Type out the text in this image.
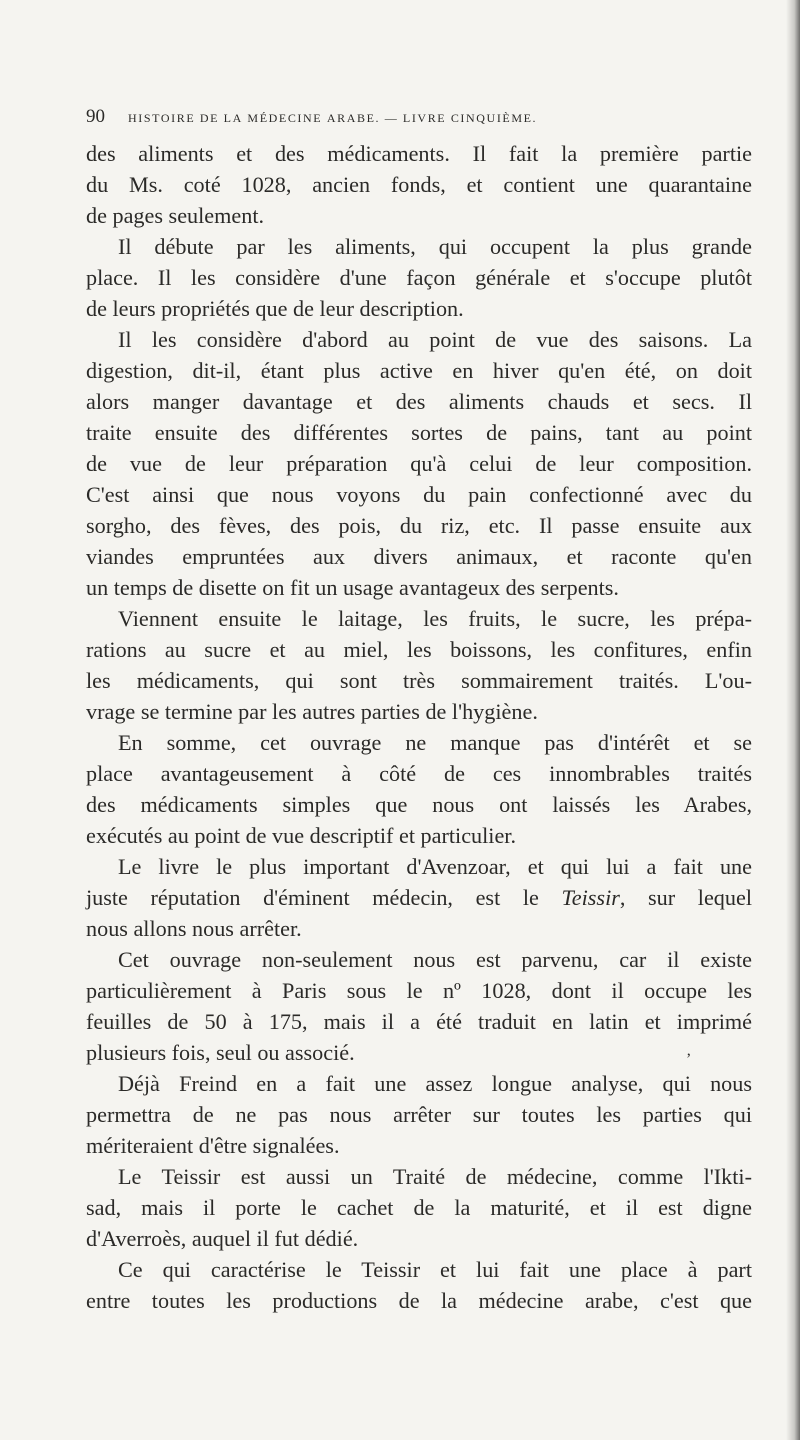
90 histoire de la médecine arabe. — livre cinquième.
des aliments et des médicaments. Il fait la première partie
du Ms. coté 1028, ancien fonds, et contient une quarantaine
de pages seulement.
Il débute par les aliments, qui occupent la plus grande
place. Il les considère d'une façon générale et s'occupe plutôt
de leurs propriétés que de leur description.
Il les considère d'abord au point de vue des saisons. La
digestion, dit-il, étant plus active en hiver qu'en été, on doit
alors manger davantage et des aliments chauds et secs. Il
traite ensuite des différentes sortes de pains, tant au point
de vue de leur préparation qu'à celui de leur composition.
C'est ainsi que nous voyons du pain confectionné avec du
sorgho, des fèves, des pois, du riz, etc. Il passe ensuite aux
viandes empruntées aux divers animaux, et raconte qu'en
un temps de disette on fit un usage avantageux des serpents.
Viennent ensuite le laitage, les fruits, le sucre, les prépa-
rations au sucre et au miel, les boissons, les confitures, enfin
les médicaments, qui sont très sommairement traités. L'ou-
vrage se termine par les autres parties de l'hygiène.
En somme, cet ouvrage ne manque pas d'intérêt et se
place avantageusement à côté de ces innombrables traités
des médicaments simples que nous ont laissés les Arabes,
exécutés au point de vue descriptif et particulier.
Le livre le plus important d'Avenzoar, et qui lui a fait une
juste réputation d'éminent médecin, est le Teissir, sur lequel
nous allons nous arrêter.
Cet ouvrage non-seulement nous est parvenu, car il existe
particulièrement à Paris sous le nº 1028, dont il occupe les
feuilles de 50 à 175, mais il a été traduit en latin et imprimé
plusieurs fois, seul ou associé.
Déjà Freind en a fait une assez longue analyse, qui nous
permettra de ne pas nous arrêter sur toutes les parties qui
mériteraient d'être signalées.
Le Teissir est aussi un Traité de médecine, comme l'Ikti-
sad, mais il porte le cachet de la maturité, et il est digne
d'Averroès, auquel il fut dédié.
Ce qui caractérise le Teissir et lui fait une place à part
entre toutes les productions de la médecine arabe, c'est que
ʼ
